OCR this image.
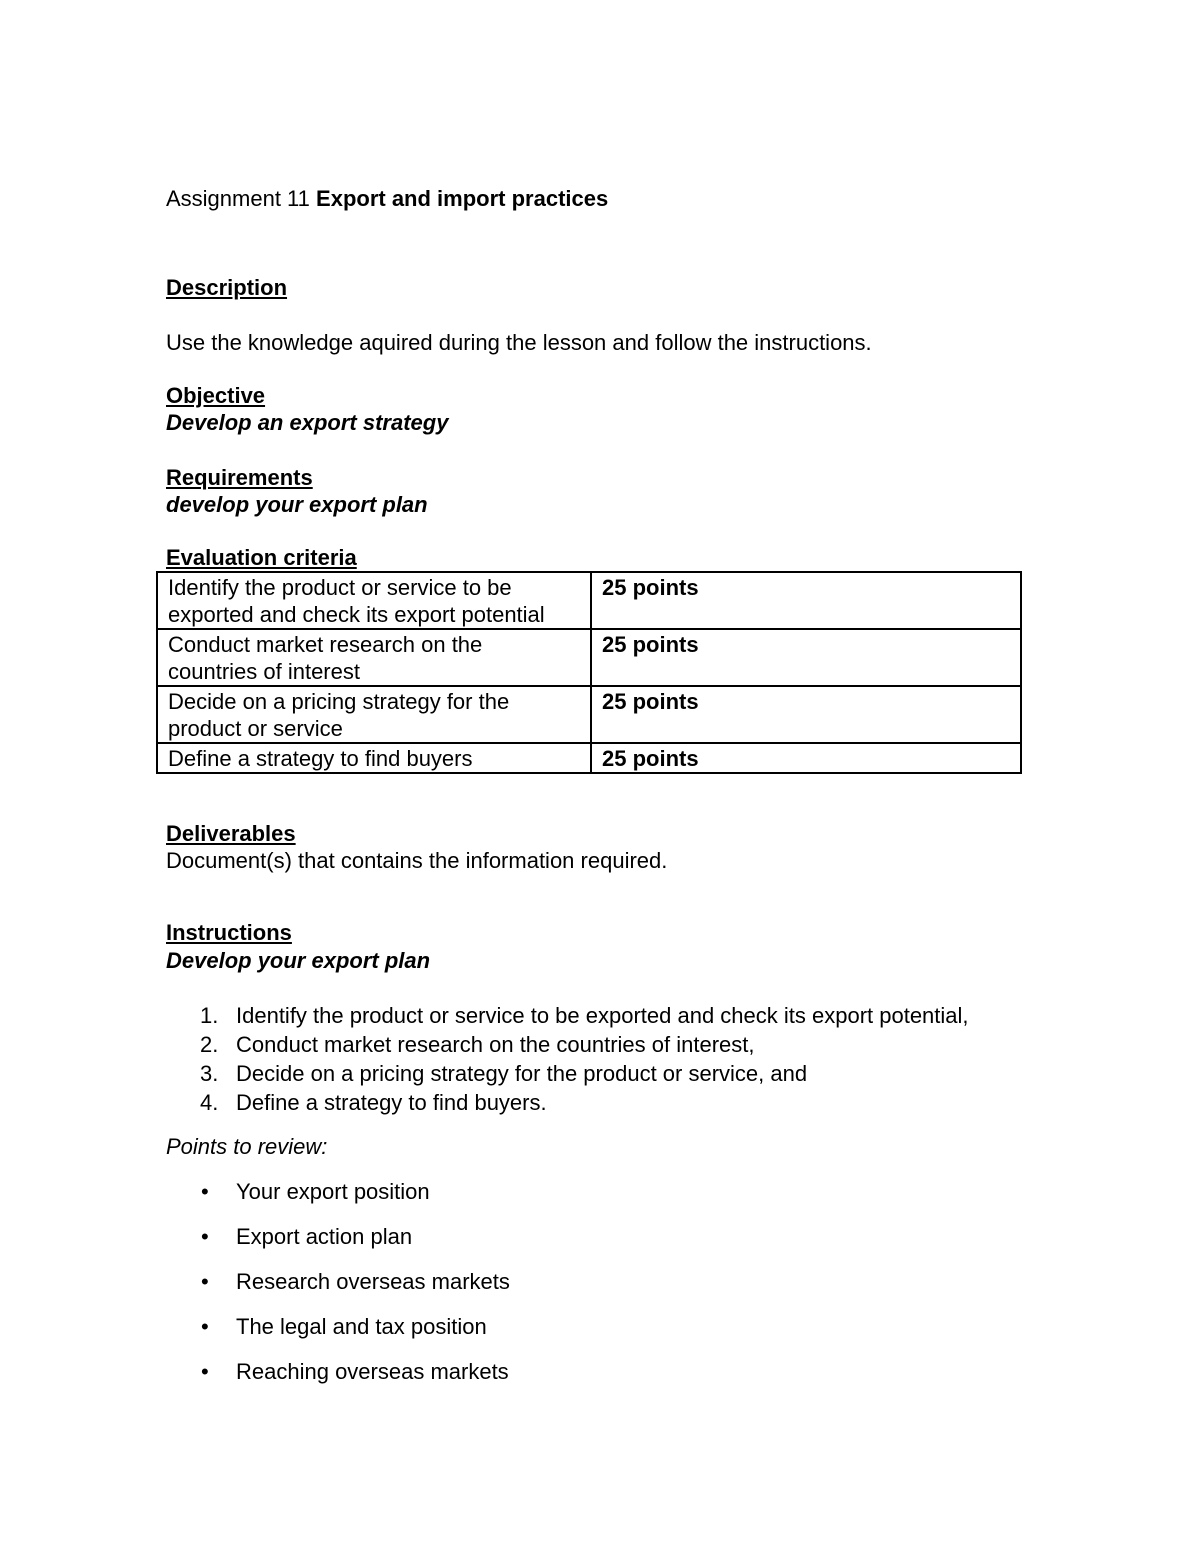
Assignment 11 Export and import practices
Description
Use the knowledge aquired during the lesson and follow the instructions.
Objective
Develop an export strategy
Requirements
develop your export plan
Evaluation criteria
Identify the product or service to be
exported and check its export potential	25 points

Conduct market research on the
countries of interest	25 points

Decide on a pricing strategy for the
product or service	25 points

Define a strategy to find buyers	25 points
Deliverables
Document(s) that contains the information required.
Instructions
Develop your export plan
1. Identify the product or service to be exported and check its export potential,
2. Conduct market research on the countries of interest,
3. Decide on a pricing strategy for the product or service, and
4. Define a strategy to find buyers.
Points to review:
• Your export position
• Export action plan
• Research overseas markets
• The legal and tax position
• Reaching overseas markets
